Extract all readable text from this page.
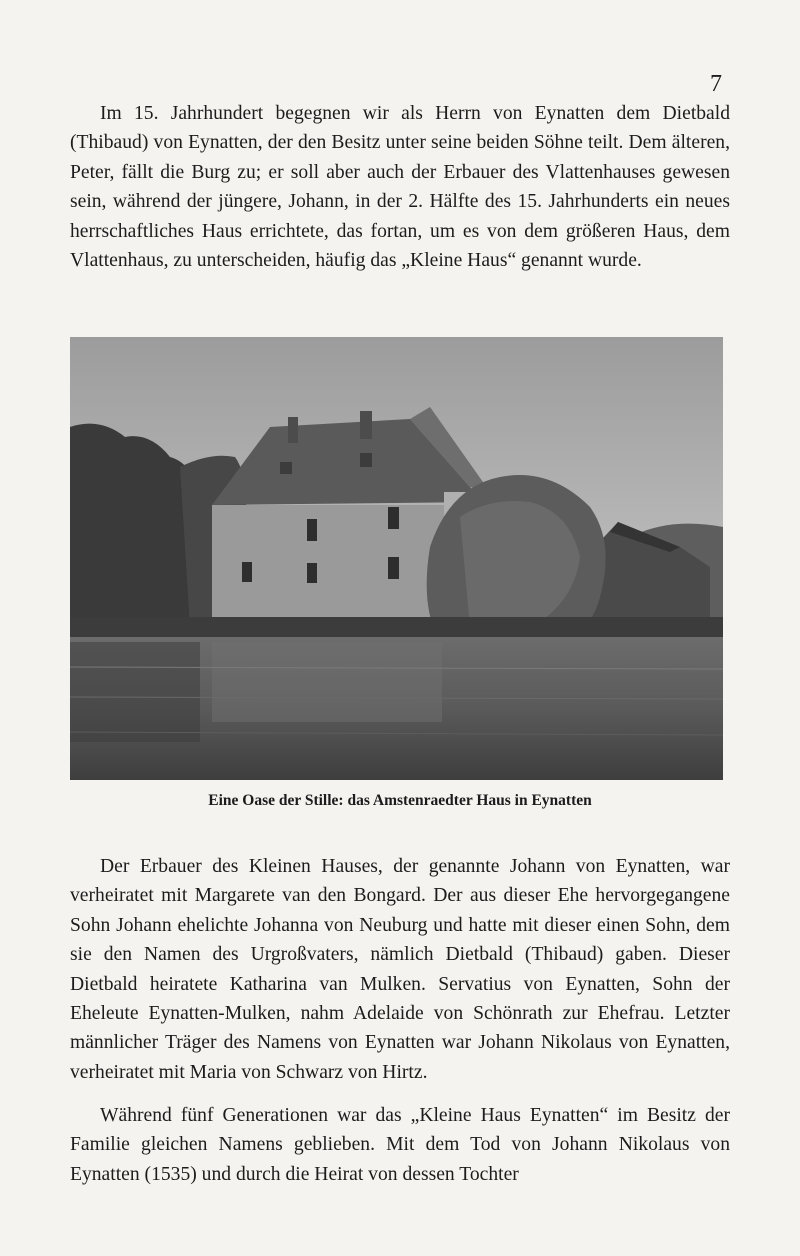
7

Im 15. Jahrhundert begegnen wir als Herrn von Eynatten dem Dietbald (Thibaud) von Eynatten, der den Besitz unter seine beiden Söhne teilt. Dem älteren, Peter, fällt die Burg zu; er soll aber auch der Erbauer des Vlattenhauses gewesen sein, während der jüngere, Johann, in der 2. Hälfte des 15. Jahrhunderts ein neues herrschaftliches Haus errichtete, das fortan, um es von dem größeren Haus, dem Vlattenhaus, zu unterscheiden, häufig das „Kleine Haus“ genannt wurde.

Eine Oase der Stille: das Amstenraedter Haus in Eynatten

Der Erbauer des Kleinen Hauses, der genannte Johann von Eynatten, war verheiratet mit Margarete van den Bongard. Der aus dieser Ehe hervorgegangene Sohn Johann ehelichte Johanna von Neuburg und hatte mit dieser einen Sohn, dem sie den Namen des Urgroßvaters, nämlich Dietbald (Thibaud) gaben. Dieser Dietbald heiratete Katharina van Mulken. Servatius von Eynatten, Sohn der Eheleute Eynatten-Mulken, nahm Adelaide von Schönrath zur Ehefrau. Letzter männlicher Träger des Namens von Eynatten war Johann Nikolaus von Eynatten, verheiratet mit Maria von Schwarz von Hirtz.

Während fünf Generationen war das „Kleine Haus Eynatten“ im Besitz der Familie gleichen Namens geblieben. Mit dem Tod von Johann Nikolaus von Eynatten (1535) und durch die Heirat von dessen Tochter
